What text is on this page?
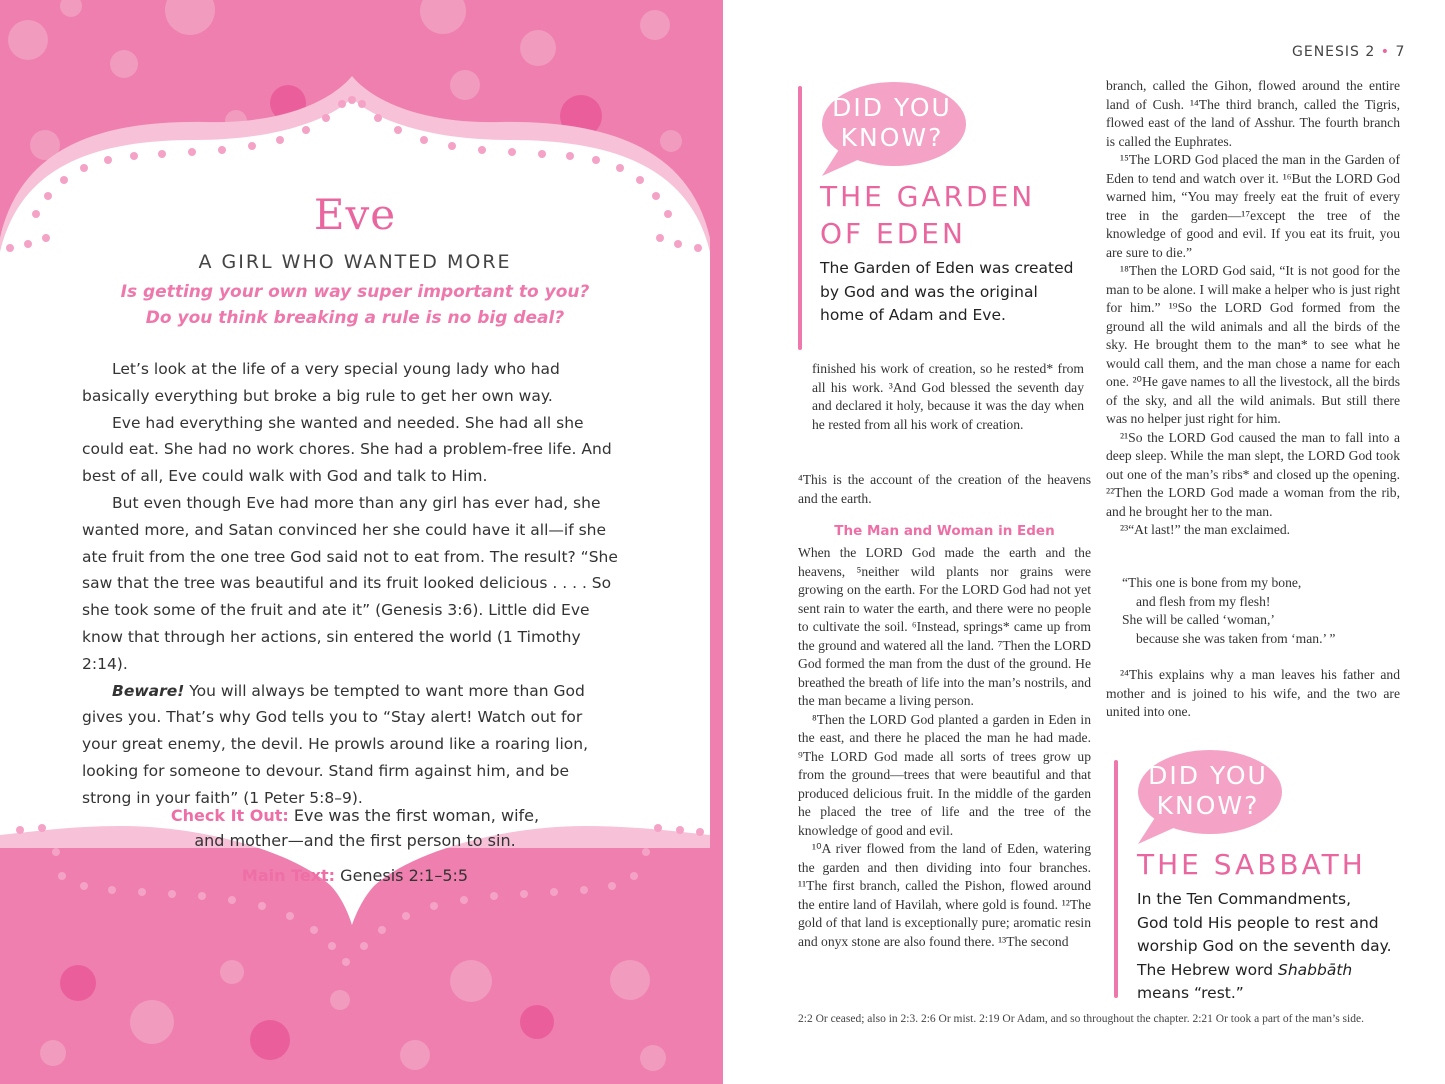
Eve
A GIRL WHO WANTED MORE
Is getting your own way super important to you?
Do you think breaking a rule is no big deal?

Let’s look at the life of a very special young lady who had basically everything but broke a big rule to get her own way.

Eve had everything she wanted and needed. She had all she could eat. She had no work chores. She had a problem-free life. And best of all, Eve could walk with God and talk to Him.

But even though Eve had more than any girl has ever had, she wanted more, and Satan convinced her she could have it all—if she ate fruit from the one tree God said not to eat from. The result? “She saw that the tree was beautiful and its fruit looked delicious . . . . So she took some of the fruit and ate it” (Genesis 3:6). Little did Eve know that through her actions, sin entered the world (1 Timothy 2:14).

Beware! You will always be tempted to want more than God gives you. That’s why God tells you to “Stay alert! Watch out for your great enemy, the devil. He prowls around like a roaring lion, looking for someone to devour. Stand firm against him, and be strong in your faith” (1 Peter 5:8–9).

Check It Out: Eve was the first woman, wife,
and mother—and the first person to sin.
Main Text: Genesis 2:1–5:5
GENESIS 2 • 7
DID YOU
KNOW?
THE GARDEN
OF EDEN
The Garden of Eden was created
by God and was the original
home of Adam and Eve.
finished his work of creation, so he rested* from all his work. ³And God blessed the seventh day and declared it holy, because it was the day when he rested from all his work of creation.
⁴This is the account of the creation of the heavens and the earth.
The Man and Woman in Eden

When the LORD God made the earth and the heavens, ⁵neither wild plants nor grains were growing on the earth. For the LORD God had not yet sent rain to water the earth, and there were no people to cultivate the soil. ⁶Instead, springs* came up from the ground and watered all the land. ⁷Then the LORD God formed the man from the dust of the ground. He breathed the breath of life into the man’s nostrils, and the man became a living person.

⁸Then the LORD God planted a garden in Eden in the east, and there he placed the man he had made. ⁹The LORD God made all sorts of trees grow up from the ground—trees that were beautiful and that produced delicious fruit. In the middle of the garden he placed the tree of life and the tree of the knowledge of good and evil.

¹⁰A river flowed from the land of Eden, watering the garden and then dividing into four branches. ¹¹The first branch, called the Pishon, flowed around the entire land of Havilah, where gold is found. ¹²The gold of that land is exceptionally pure; aromatic resin and onyx stone are also found there. ¹³The second

branch, called the Gihon, flowed around the entire land of Cush. ¹⁴The third branch, called the Tigris, flowed east of the land of Asshur. The fourth branch is called the Euphrates.

¹⁵The LORD God placed the man in the Garden of Eden to tend and watch over it. ¹⁶But the LORD God warned him, “You may freely eat the fruit of every tree in the garden—¹⁷except the tree of the knowledge of good and evil. If you eat its fruit, you are sure to die.”

¹⁸Then the LORD God said, “It is not good for the man to be alone. I will make a helper who is just right for him.” ¹⁹So the LORD God formed from the ground all the wild animals and all the birds of the sky. He brought them to the man* to see what he would call them, and the man chose a name for each one. ²⁰He gave names to all the livestock, all the birds of the sky, and all the wild animals. But still there was no helper just right for him.

²¹So the LORD God caused the man to fall into a deep sleep. While the man slept, the LORD God took out one of the man’s ribs* and closed up the opening. ²²Then the LORD God made a woman from the rib, and he brought her to the man.

²³“At last!” the man exclaimed.

“This one is bone from my bone,
and flesh from my flesh!
She will be called ‘woman,’
because she was taken from ‘man.’ ”

²⁴This explains why a man leaves his father and mother and is joined to his wife, and the two are united into one.

DID YOU
KNOW?
THE SABBATH
In the Ten Commandments,
God told His people to rest and
worship God on the seventh day.
The Hebrew word Shabbāth
means “rest.”
2:2 Or ceased; also in 2:3. 2:6 Or mist. 2:19 Or Adam, and so throughout the chapter. 2:21 Or took a part of the man’s side.
